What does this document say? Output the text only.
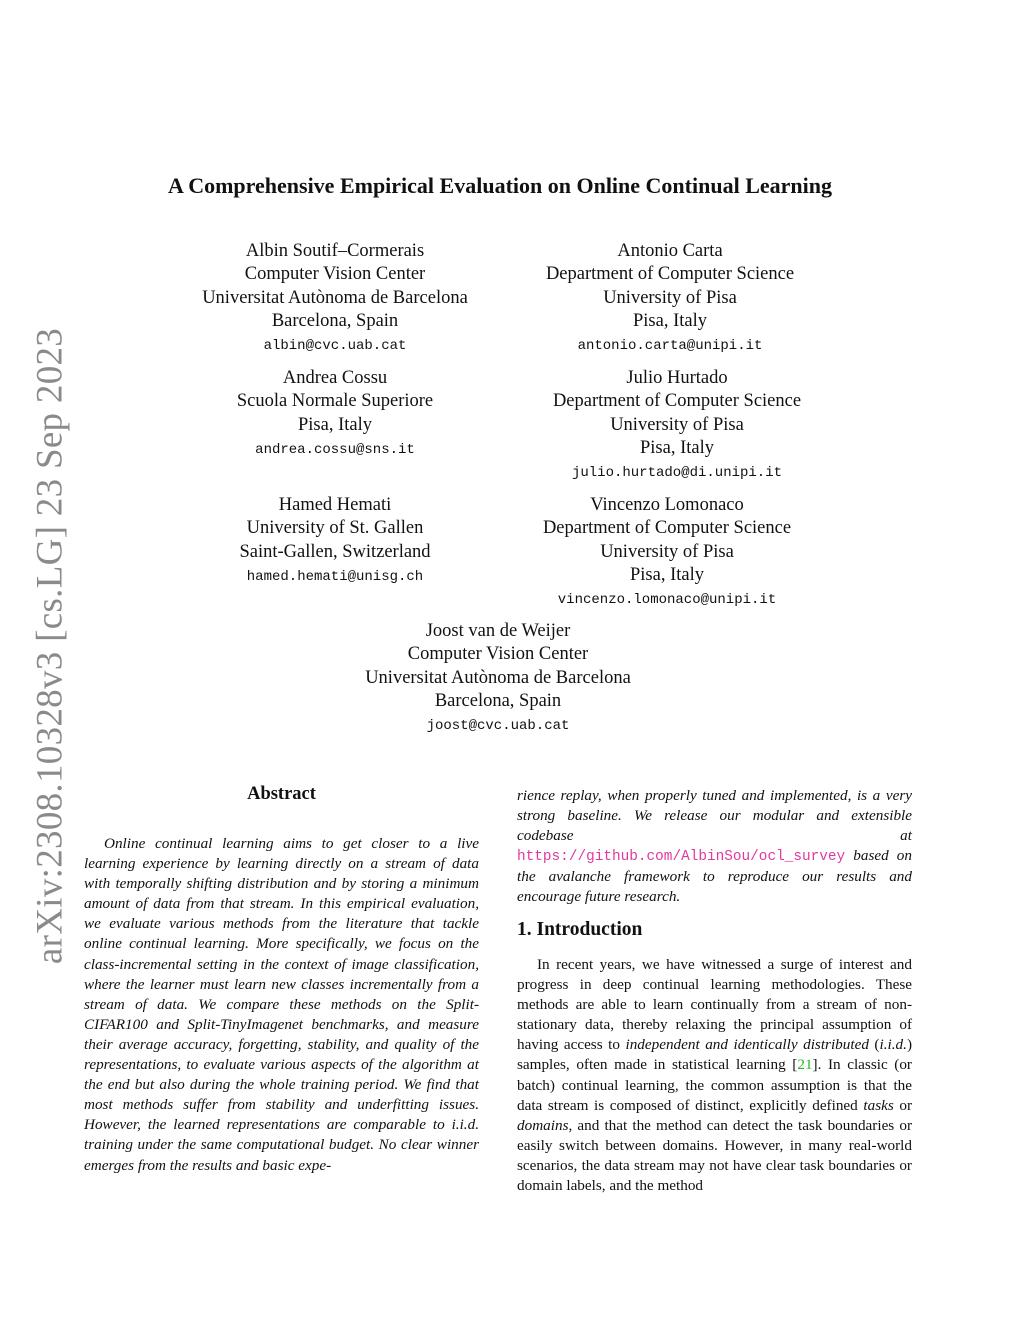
arXiv:2308.10328v3 [cs.LG] 23 Sep 2023
A Comprehensive Empirical Evaluation on Online Continual Learning
Albin Soutif–Cormerais
Computer Vision Center
Universitat Autònoma de Barcelona
Barcelona, Spain
albin@cvc.uab.cat
Antonio Carta
Department of Computer Science
University of Pisa
Pisa, Italy
antonio.carta@unipi.it
Andrea Cossu
Scuola Normale Superiore
Pisa, Italy
andrea.cossu@sns.it
Julio Hurtado
Department of Computer Science
University of Pisa
Pisa, Italy
julio.hurtado@di.unipi.it
Hamed Hemati
University of St. Gallen
Saint-Gallen, Switzerland
hamed.hemati@unisg.ch
Vincenzo Lomonaco
Department of Computer Science
University of Pisa
Pisa, Italy
vincenzo.lomonaco@unipi.it
Joost van de Weijer
Computer Vision Center
Universitat Autònoma de Barcelona
Barcelona, Spain
joost@cvc.uab.cat
Abstract

Online continual learning aims to get closer to a live learning experience by learning directly on a stream of data with temporally shifting distribution and by storing a minimum amount of data from that stream. In this empirical evaluation, we evaluate various methods from the literature that tackle online continual learning. More specifically, we focus on the class-incremental setting in the context of image classification, where the learner must learn new classes incrementally from a stream of data. We compare these methods on the Split-CIFAR100 and Split-TinyImagenet benchmarks, and measure their average accuracy, forgetting, stability, and quality of the representations, to evaluate various aspects of the algorithm at the end but also during the whole training period. We find that most methods suffer from stability and underfitting issues. However, the learned representations are comparable to i.i.d. training under the same computational budget. No clear winner emerges from the results and basic expe-

rience replay, when properly tuned and implemented, is a very strong baseline. We release our modular and extensible codebase at https://github.com/AlbinSou/ocl_survey based on the avalanche framework to reproduce our results and encourage future research.

1. Introduction

In recent years, we have witnessed a surge of interest and progress in deep continual learning methodologies. These methods are able to learn continually from a stream of non-stationary data, thereby relaxing the principal assumption of having access to independent and identically distributed (i.i.d.) samples, often made in statistical learning [21]. In classic (or batch) continual learning, the common assumption is that the data stream is composed of distinct, explicitly defined tasks or domains, and that the method can detect the task boundaries or easily switch between domains. However, in many real-world scenarios, the data stream may not have clear task boundaries or domain labels, and the method
